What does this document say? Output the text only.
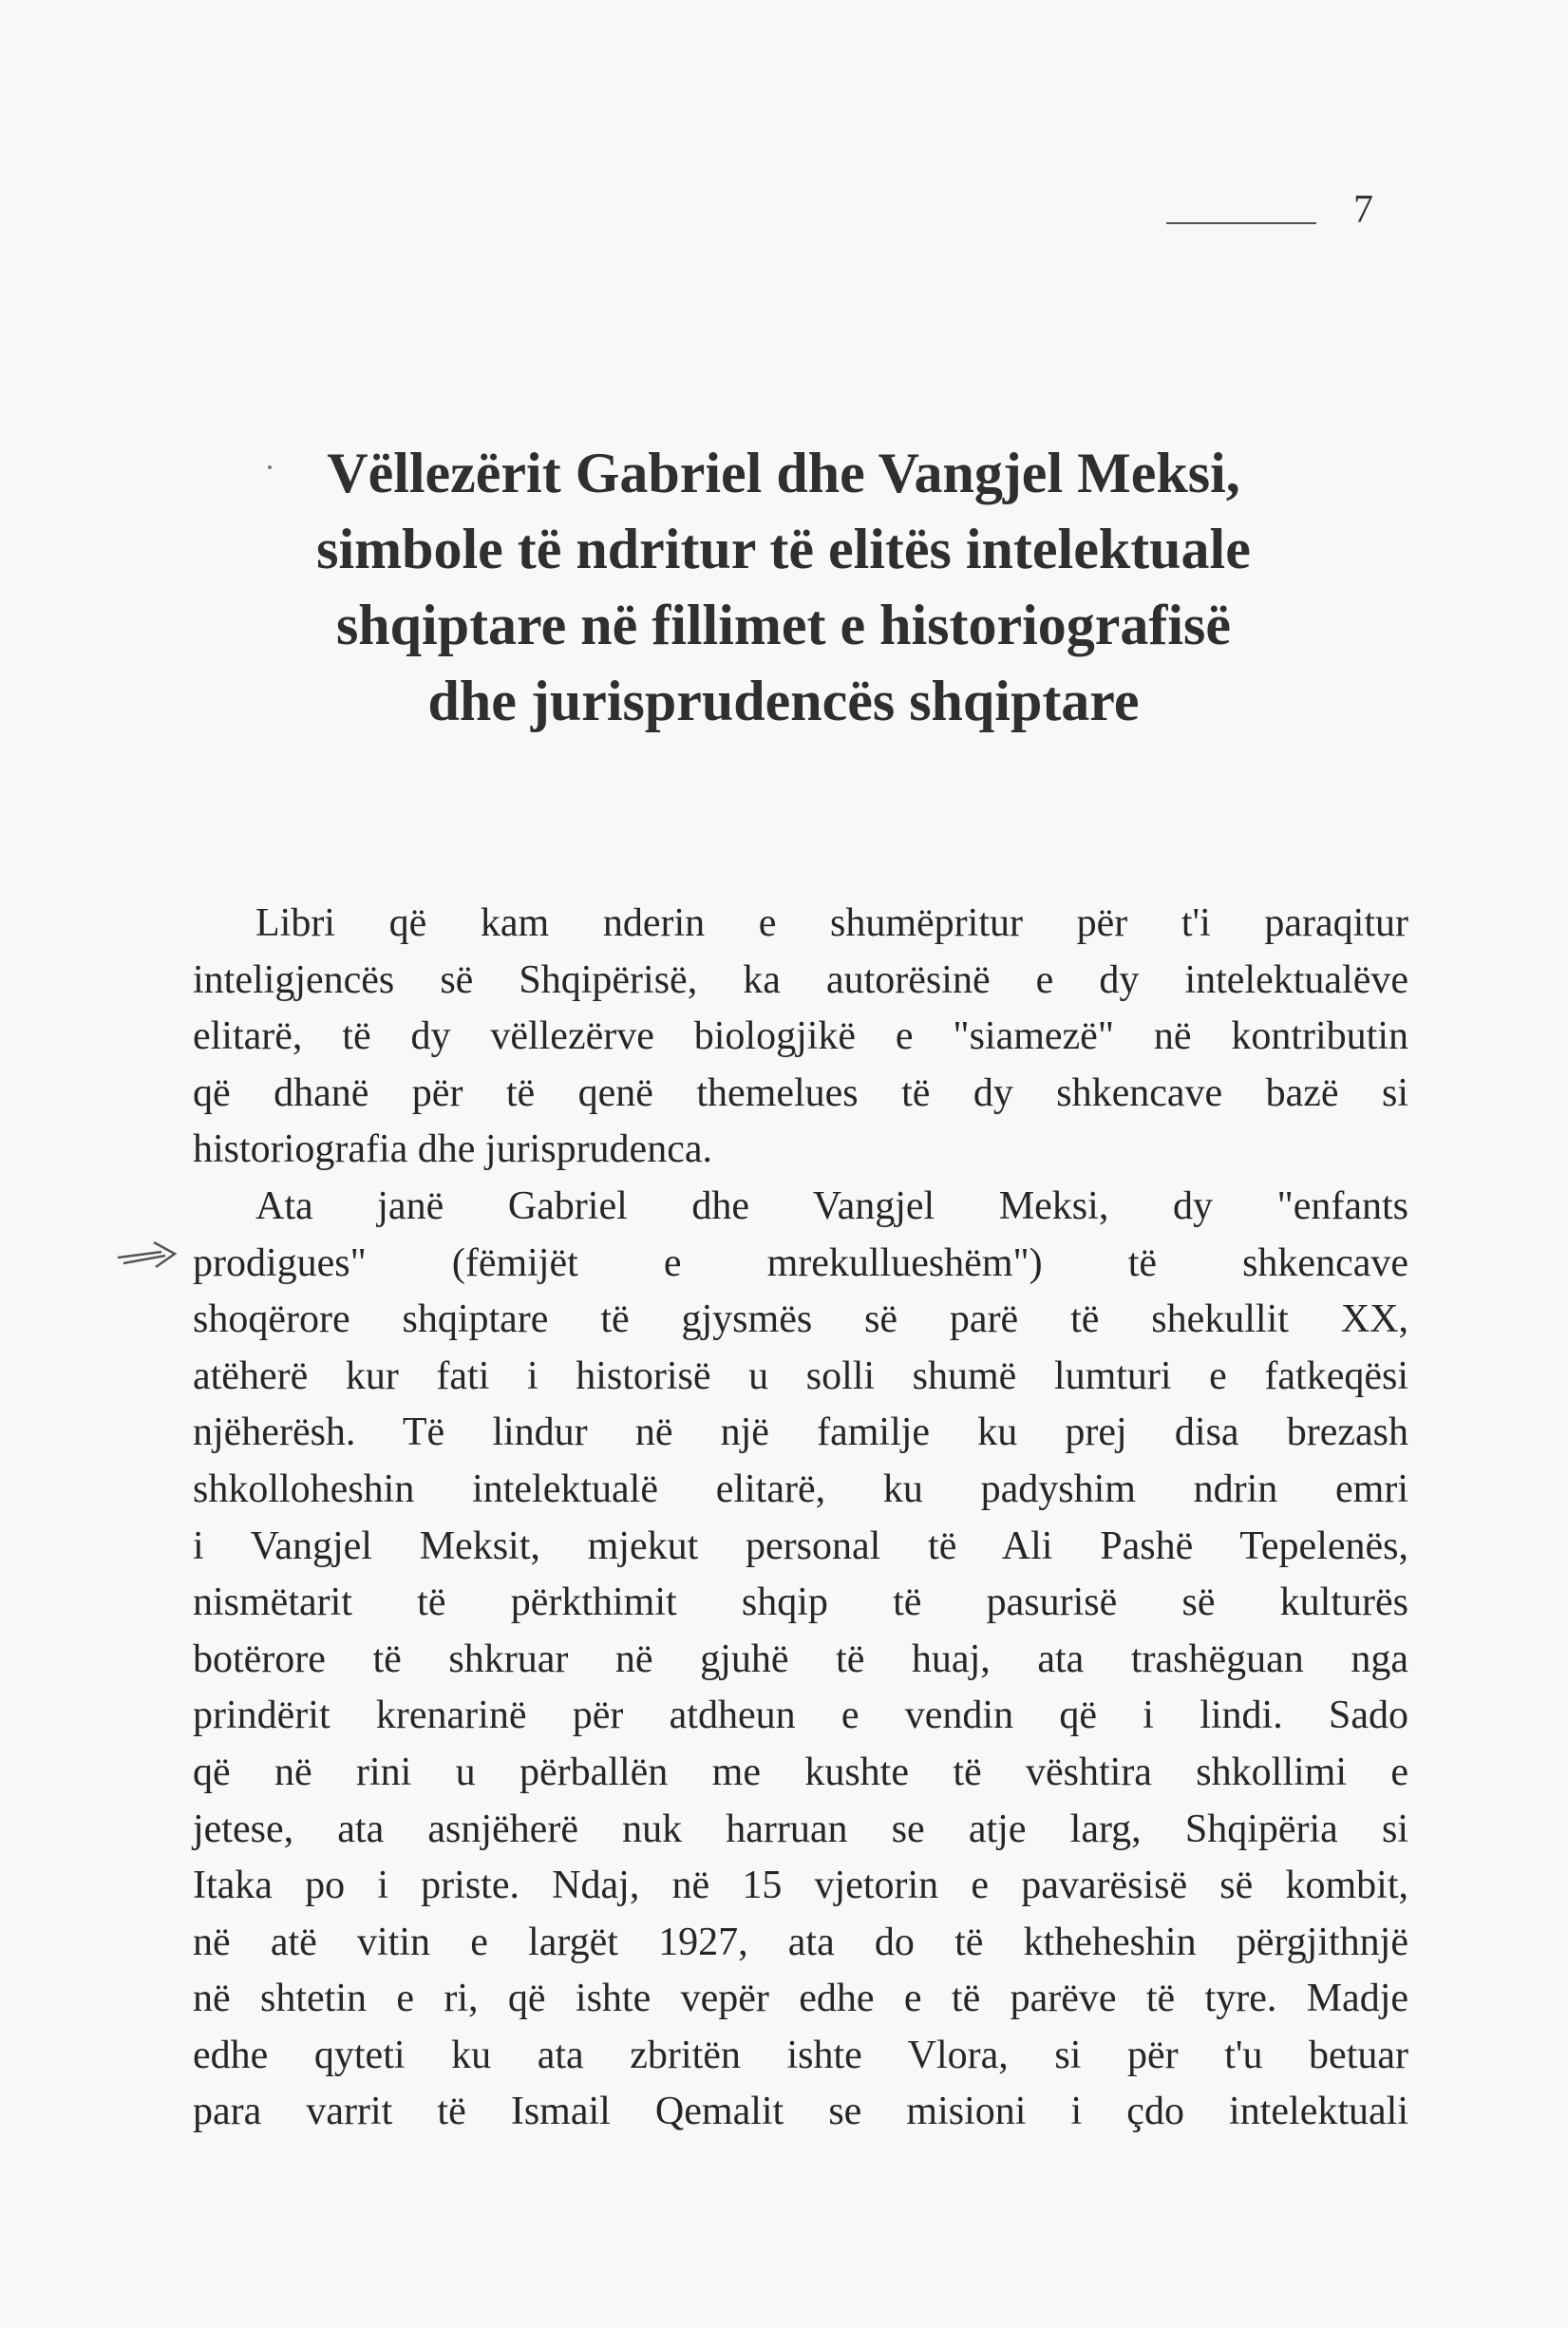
7
Vëllezërit Gabriel dhe Vangjel Meksi,
simbole të ndritur të elitës intelektuale
shqiptare në fillimet e historiografisë
dhe jurisprudencës shqiptare
Libri që kam nderin e shumëpritur për t'i paraqitur
inteligjencës së Shqipërisë, ka autorësinë e dy intelektualëve
elitarë, të dy vëllezërve biologjikë e "siamezë" në kontributin
që dhanë për të qenë themelues të dy shkencave bazë si
historiografia dhe jurisprudenca.
Ata janë Gabriel dhe Vangjel Meksi, dy "enfants
prodigues" (fëmijët e mrekullueshëm") të shkencave
shoqërore shqiptare të gjysmës së parë të shekullit XX,
atëherë kur fati i historisë u solli shumë lumturi e fatkeqësi
njëherësh. Të lindur në një familje ku prej disa brezash
shkolloheshin intelektualë elitarë, ku padyshim ndrin emri
i Vangjel Meksit, mjekut personal të Ali Pashë Tepelenës,
nismëtarit të përkthimit shqip të pasurisë së kulturës
botërore të shkruar në gjuhë të huaj, ata trashëguan nga
prindërit krenarinë për atdheun e vendin që i lindi. Sado
që në rini u përballën me kushte të vështira shkollimi e
jetese, ata asnjëherë nuk harruan se atje larg, Shqipëria si
Itaka po i priste. Ndaj, në 15 vjetorin e pavarësisë së kombit,
në atë vitin e largët 1927, ata do të ktheheshin përgjithnjë
në shtetin e ri, që ishte vepër edhe e të parëve të tyre. Madje
edhe qyteti ku ata zbritën ishte Vlora, si për t'u betuar
para varrit të Ismail Qemalit se misioni i çdo intelektuali
